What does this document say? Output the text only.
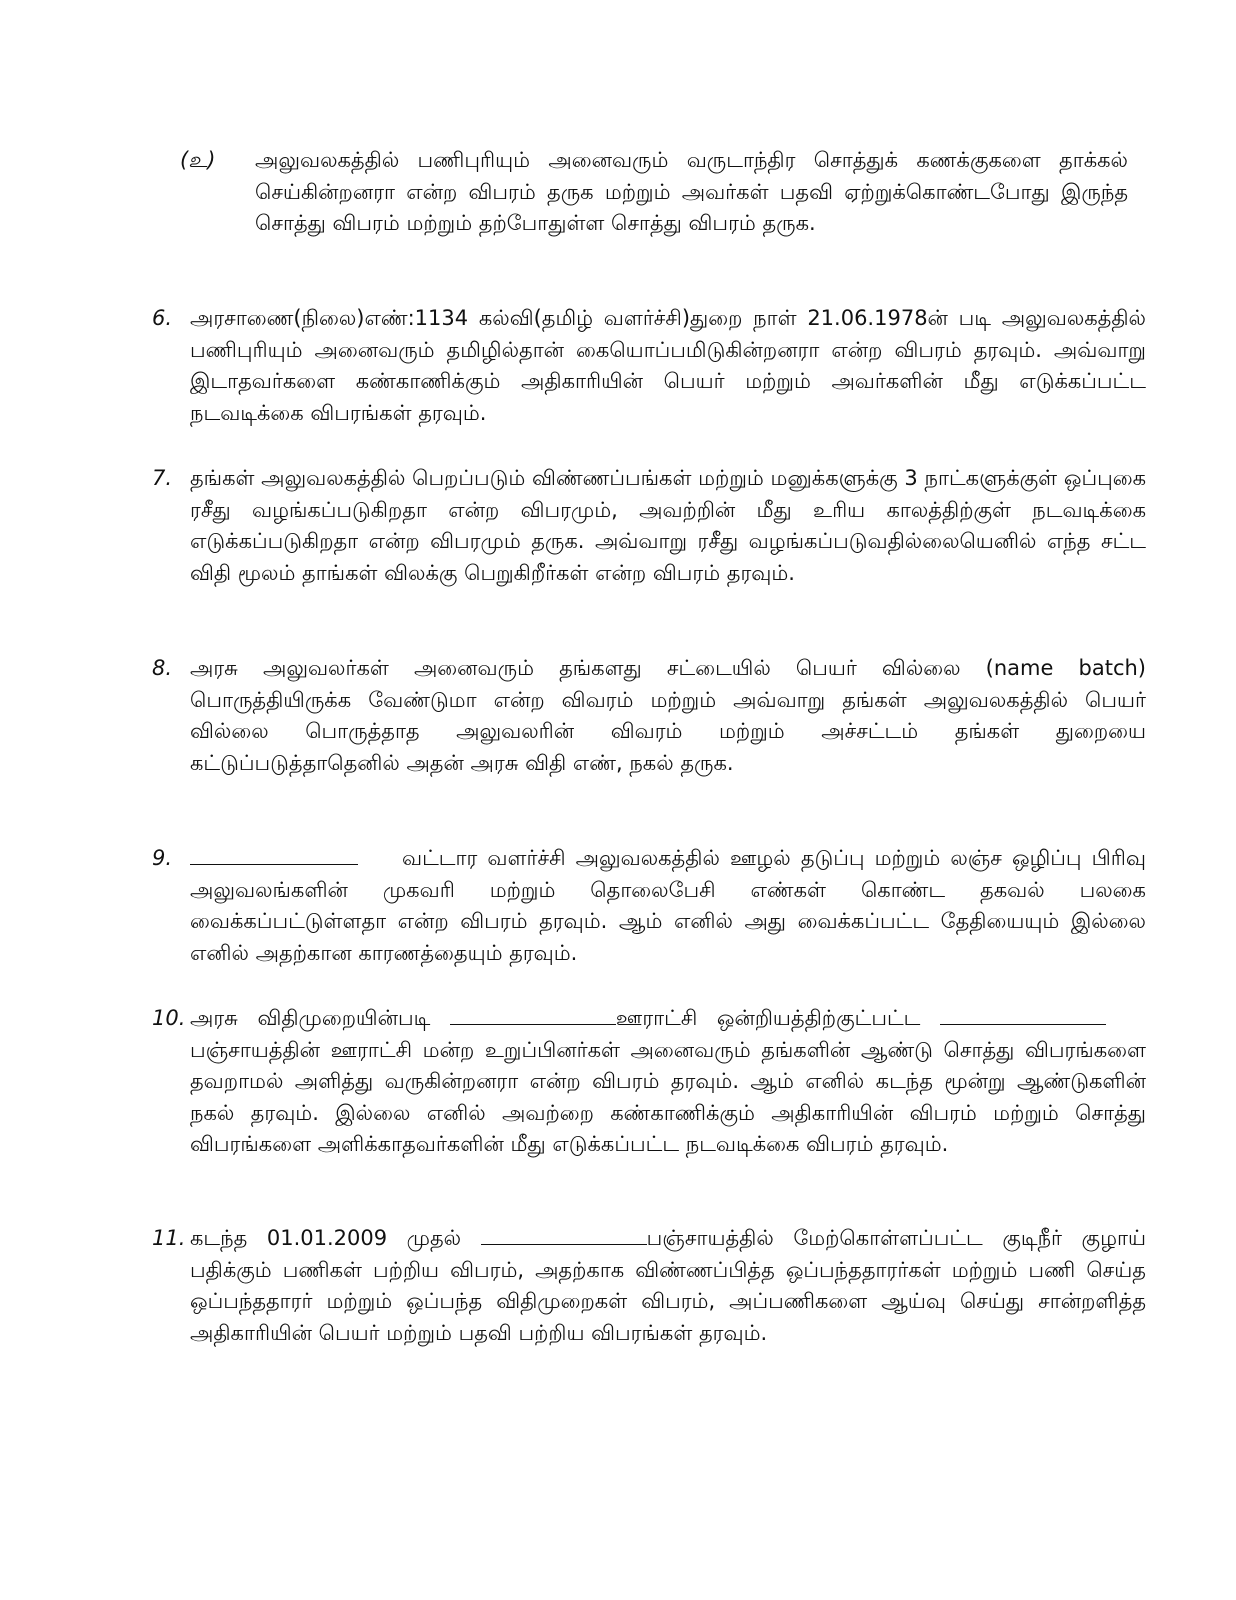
(உ)	அலுவலகத்தில் பணிபுரியும் அனைவரும் வருடாந்திர சொத்துக் கணக்குகளை தாக்கல் செய்கின்றனரா என்ற விபரம் தருக மற்றும் அவர்கள் பதவி ஏற்றுக்கொண்டபோது இருந்த சொத்து விபரம் மற்றும் தற்போதுள்ள சொத்து விபரம் தருக.
6. அரசாணை(நிலை)எண்:1134 கல்வி(தமிழ் வளர்ச்சி)துறை நாள் 21.06.1978ன் படி அலுவலகத்தில் பணிபுரியும் அனைவரும் தமிழில்தான் கையொப்பமிடுகின்றனரா என்ற விபரம் தரவும். அவ்வாறு இடாதவர்களை கண்காணிக்கும் அதிகாரியின் பெயர் மற்றும் அவர்களின் மீது எடுக்கப்பட்ட நடவடிக்கை விபரங்கள் தரவும்.
7. தங்கள் அலுவலகத்தில் பெறப்படும் விண்ணப்பங்கள் மற்றும் மனுக்களுக்கு 3 நாட்களுக்குள் ஒப்புகை ரசீது வழங்கப்படுகிறதா என்ற விபரமும், அவற்றின் மீது உரிய காலத்திற்குள் நடவடிக்கை எடுக்கப்படுகிறதா என்ற விபரமும் தருக. அவ்வாறு ரசீது வழங்கப்படுவதில்லையெனில் எந்த சட்ட விதி மூலம் தாங்கள் விலக்கு பெறுகிறீர்கள் என்ற விபரம் தரவும்.
8. அரசு அலுவலர்கள் அனைவரும் தங்களது சட்டையில் பெயர் வில்லை (name batch) பொருத்தியிருக்க வேண்டுமா என்ற விவரம் மற்றும் அவ்வாறு தங்கள் அலுவலகத்தில் பெயர் வில்லை பொருத்தாத அலுவலரின் விவரம் மற்றும் அச்சட்டம் தங்கள் துறையை கட்டுப்படுத்தாதெனில் அதன் அரசு விதி எண், நகல் தருக.
9.	வட்டார வளர்ச்சி அலுவலகத்தில் ஊழல் தடுப்பு மற்றும் லஞ்ச ஒழிப்பு பிரிவு அலுவலங்களின் முகவரி மற்றும் தொலைபேசி எண்கள் கொண்ட தகவல் பலகை வைக்கப்பட்டுள்ளதா என்ற விபரம் தரவும். ஆம் எனில் அது வைக்கப்பட்ட தேதியையும் இல்லை எனில் அதற்கான காரணத்தையும் தரவும்.
10. அரசு விதிமுறையின்படி	ஊராட்சி ஒன்றியத்திற்குட்பட்ட பஞ்சாயத்தின் ஊராட்சி மன்ற உறுப்பினர்கள் அனைவரும் தங்களின் ஆண்டு சொத்து விபரங்களை தவறாமல் அளித்து வருகின்றனரா என்ற விபரம் தரவும். ஆம் எனில் கடந்த மூன்று ஆண்டுகளின் நகல் தரவும். இல்லை எனில் அவற்றை கண்காணிக்கும் அதிகாரியின் விபரம் மற்றும் சொத்து விபரங்களை அளிக்காதவர்களின் மீது எடுக்கப்பட்ட நடவடிக்கை விபரம் தரவும்.
11. கடந்த 01.01.2009 முதல்	பஞ்சாயத்தில் மேற்கொள்ளப்பட்ட குடிநீர் குழாய் பதிக்கும் பணிகள் பற்றிய விபரம், அதற்காக விண்ணப்பித்த ஒப்பந்ததாரர்கள் மற்றும் பணி செய்த ஒப்பந்ததாரர் மற்றும் ஒப்பந்த விதிமுறைகள் விபரம், அப்பணிகளை ஆய்வு செய்து சான்றளித்த அதிகாரியின் பெயர் மற்றும் பதவி பற்றிய விபரங்கள் தரவும்.
